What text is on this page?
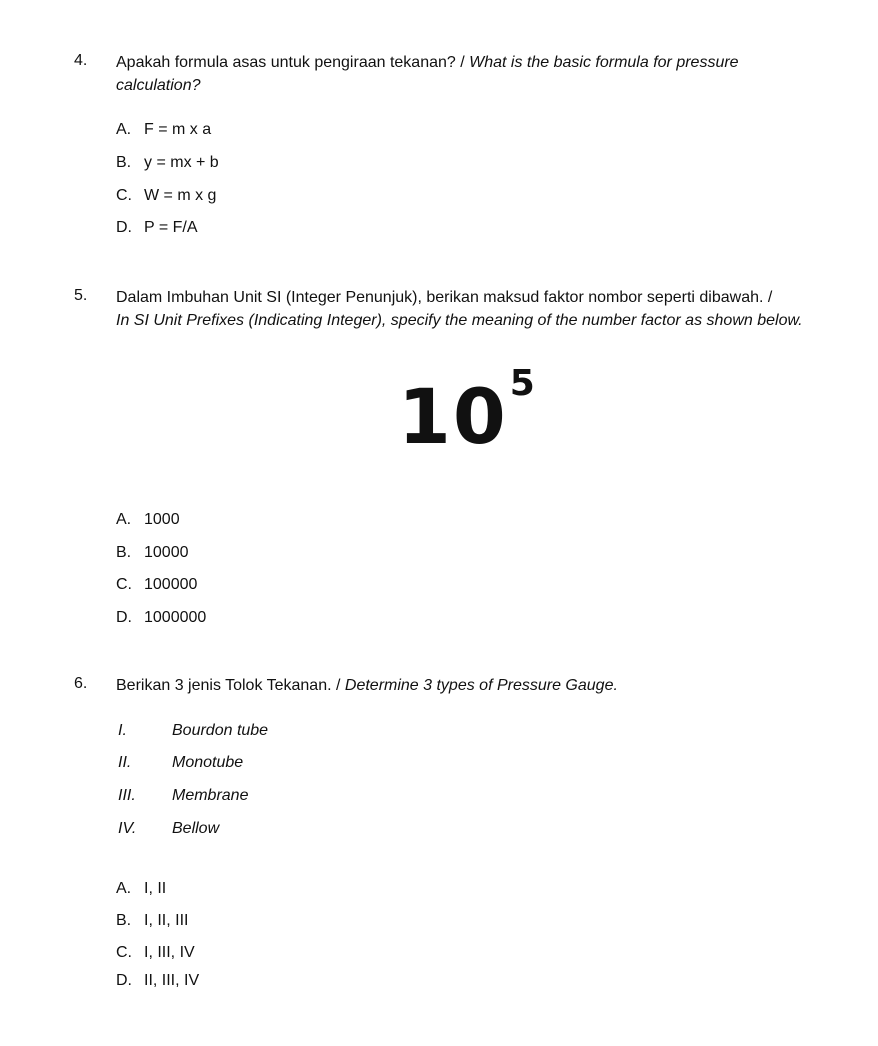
4. Apakah formula asas untuk pengiraan tekanan? / What is the basic formula for pressure calculation?
A. F = m x a
B. y = mx + b
C. W = m x g
D. P = F/A
5. Dalam Imbuhan Unit SI (Integer Penunjuk), berikan maksud faktor nombor seperti dibawah. /
In SI Unit Prefixes (Indicating Integer), specify the meaning of the number factor as shown below.
105
A. 1000
B. 10000
C. 100000
D. 1000000
6. Berikan 3 jenis Tolok Tekanan. / Determine 3 types of Pressure Gauge.
I.	Bourdon tube
II.	Monotube
III. Membrane
IV. Bellow
A. I, II
B. I, II, III
C. I, III, IV
D. II, III, IV
